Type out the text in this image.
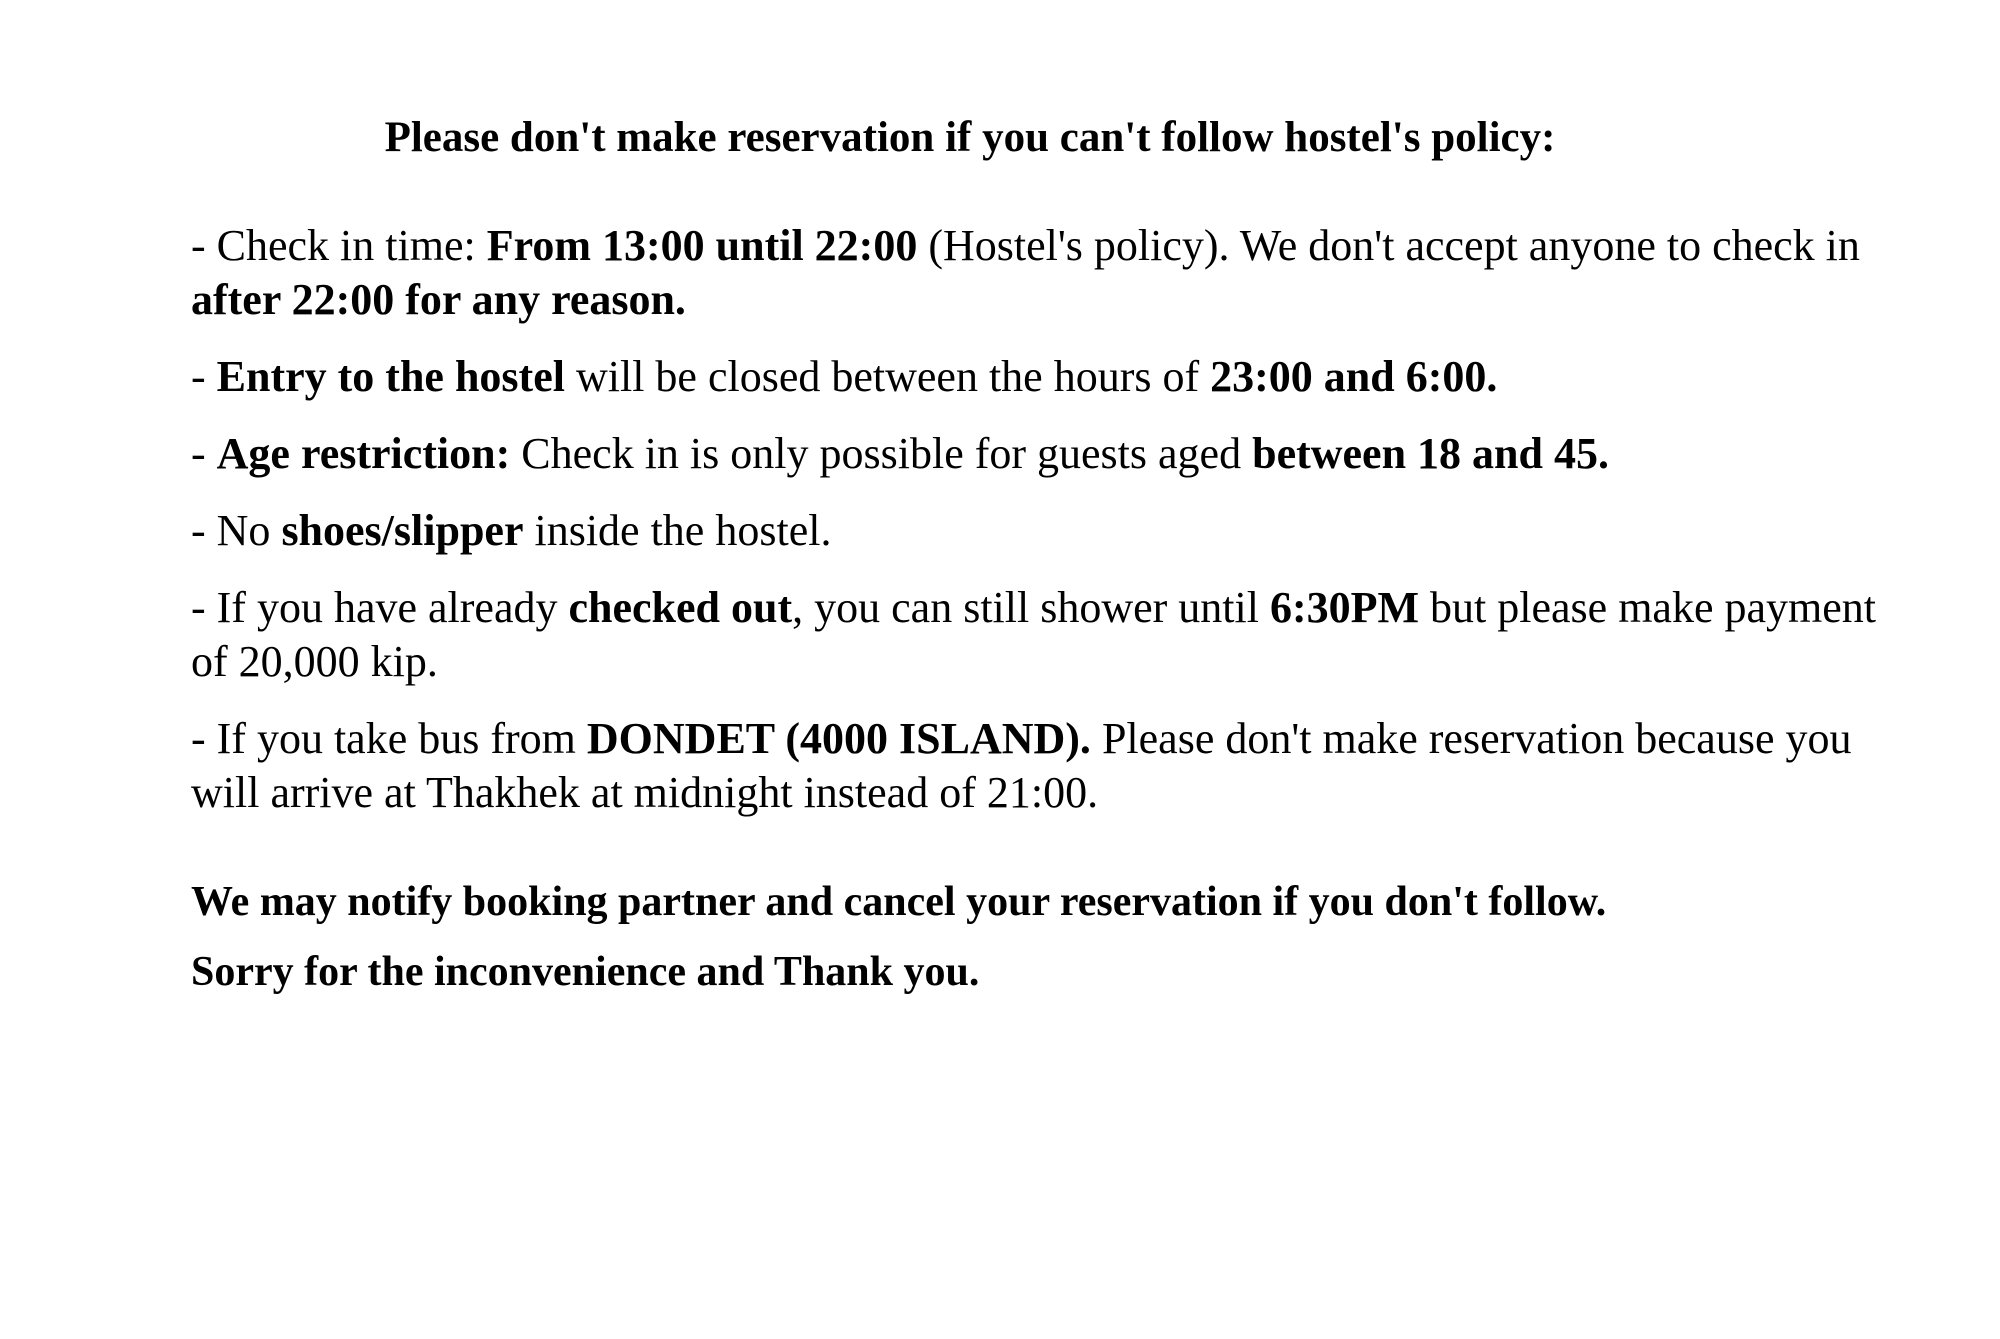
Please don't make reservation if you can't follow hostel's policy:

- Check in time: From 13:00 until 22:00 (Hostel's policy). We don't accept anyone to check in after 22:00 for any reason.

- Entry to the hostel will be closed between the hours of 23:00 and 6:00.

- Age restriction: Check in is only possible for guests aged between 18 and 45.

- No shoes/slipper inside the hostel.

- If you have already checked out, you can still shower until 6:30PM but please make payment of 20,000 kip.

- If you take bus from DONDET (4000 ISLAND). Please don't make reservation because you will arrive at Thakhek at midnight instead of 21:00.

We may notify booking partner and cancel your reservation if you don't follow.

Sorry for the inconvenience and Thank you.
